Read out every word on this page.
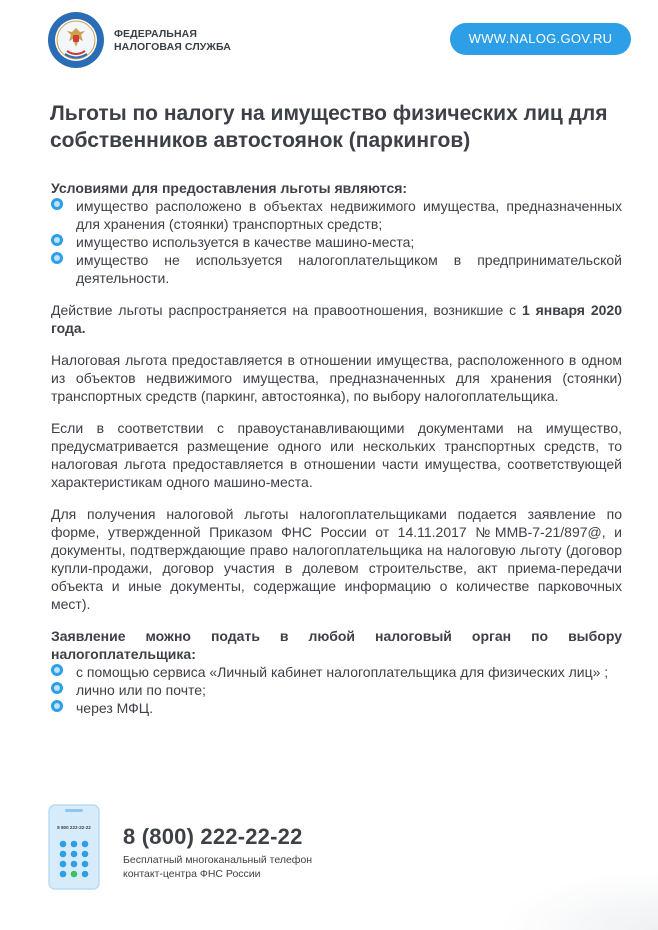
ФЕДЕРАЛЬНАЯ
НАЛОГОВАЯ СЛУЖБА
WWW.NALOG.GOV.RU
Льготы по налогу на имущество физических лиц для собственников автостоянок (паркингов)

Условиями для предоставления льготы являются:

имущество расположено в объектах недвижимого имущества, предназначенных для хранения (стоянки) транспортных средств;
имущество используется в качестве машино-места;
имущество не используется налогоплательщиком в предпринимательской деятельности.

Действие льготы распространяется на правоотношения, возникшие с 1 января 2020 года.

Налоговая льгота предоставляется в отношении имущества, расположенного в одном из объектов недвижимого имущества, предназначенных для хранения (стоянки) транспортных средств (паркинг, автостоянка), по выбору налогоплательщика.

Если в соответствии с правоустанавливающими документами на имущество, предусматривается размещение одного или нескольких транспортных средств, то налоговая льгота предоставляется в отношении части имущества, соответствующей характеристикам одного машино-места.

Для получения налоговой льготы налогоплательщиками подается заявление по форме, утвержденной Приказом ФНС России от 14.11.2017 №ММВ-7-21/897@, и документы, подтверждающие право налогоплательщика на налоговую льготу (договор купли-продажи, договор участия в долевом строительстве, акт приема-передачи объекта и иные документы, содержащие информацию о количестве парковочных мест).

Заявление можно подать в любой налоговый орган по выбору налогоплательщика:

с помощью сервиса «Личный кабинет налогоплательщика для физических лиц» ;
лично или по почте;
через МФЦ.
8 800 222-22-22 8 (800) 222-22-22
Бесплатный многоканальный телефон
контакт-центра ФНС России
